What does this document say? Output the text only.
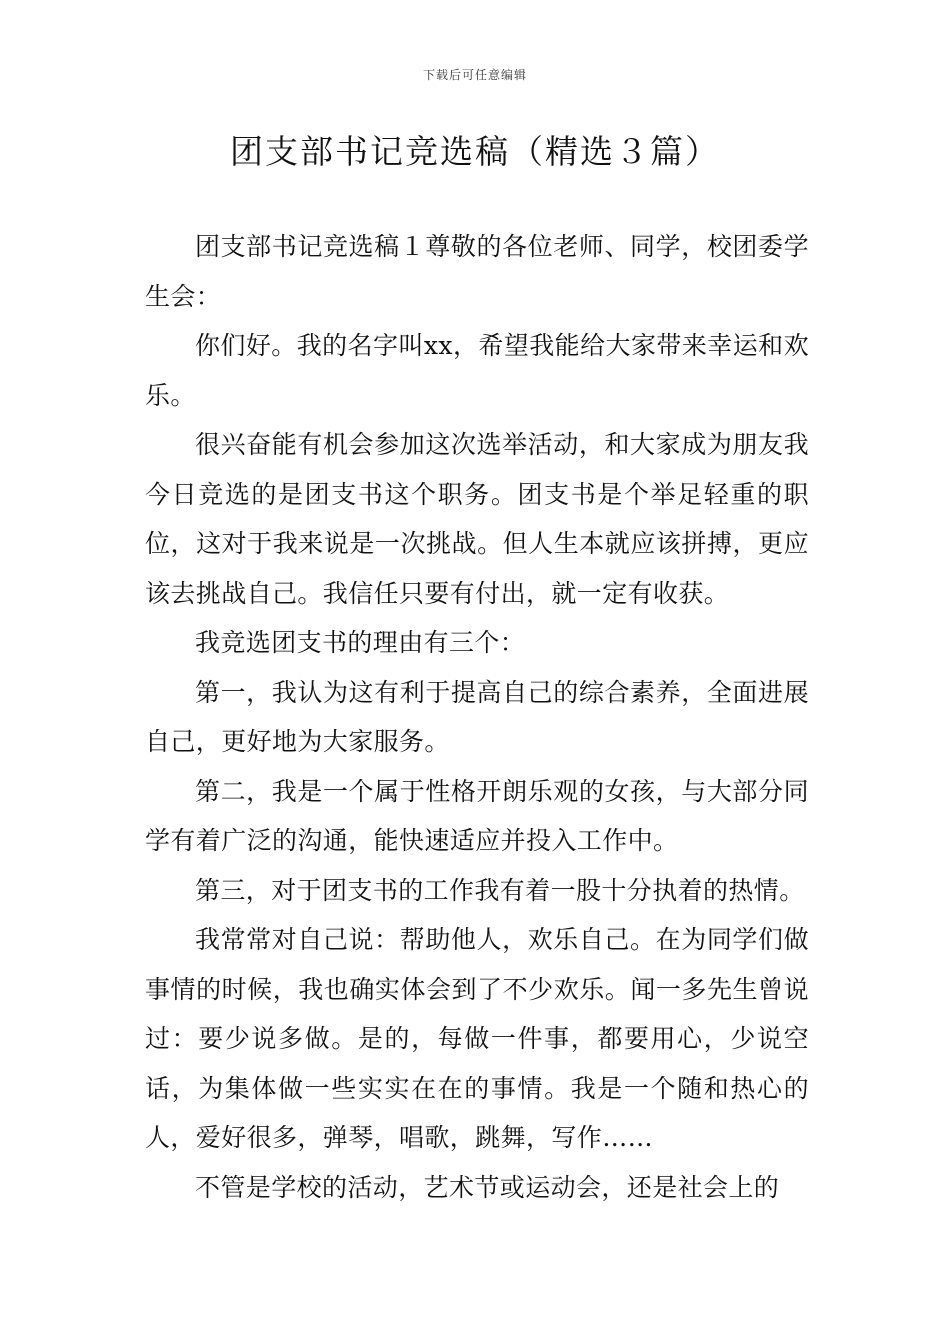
下载后可任意编辑
团支部书记竞选稿（精选３篇）

团支部书记竞选稿１尊敬的各位老师、同学，校团委学生会：

你们好。我的名字叫xx，希望我能给大家带来幸运和欢乐。

很兴奋能有机会参加这次选举活动，和大家成为朋友我今日竞选的是团支书这个职务。团支书是个举足轻重的职位，这对于我来说是一次挑战。但人生本就应该拼搏，更应该去挑战自己。我信任只要有付出，就一定有收获。

我竞选团支书的理由有三个：

第一，我认为这有利于提高自己的综合素养，全面进展自己，更好地为大家服务。

第二，我是一个属于性格开朗乐观的女孩，与大部分同学有着广泛的沟通，能快速适应并投入工作中。

第三，对于团支书的工作我有着一股十分执着的热情。

我常常对自己说：帮助他人，欢乐自己。在为同学们做事情的时候，我也确实体会到了不少欢乐。闻一多先生曾说过：要少说多做。是的，每做一件事，都要用心，少说空话，为集体做一些实实在在的事情。我是一个随和热心的人，爱好很多，弹琴，唱歌，跳舞，写作……

不管是学校的活动，艺术节或运动会，还是社会上的
